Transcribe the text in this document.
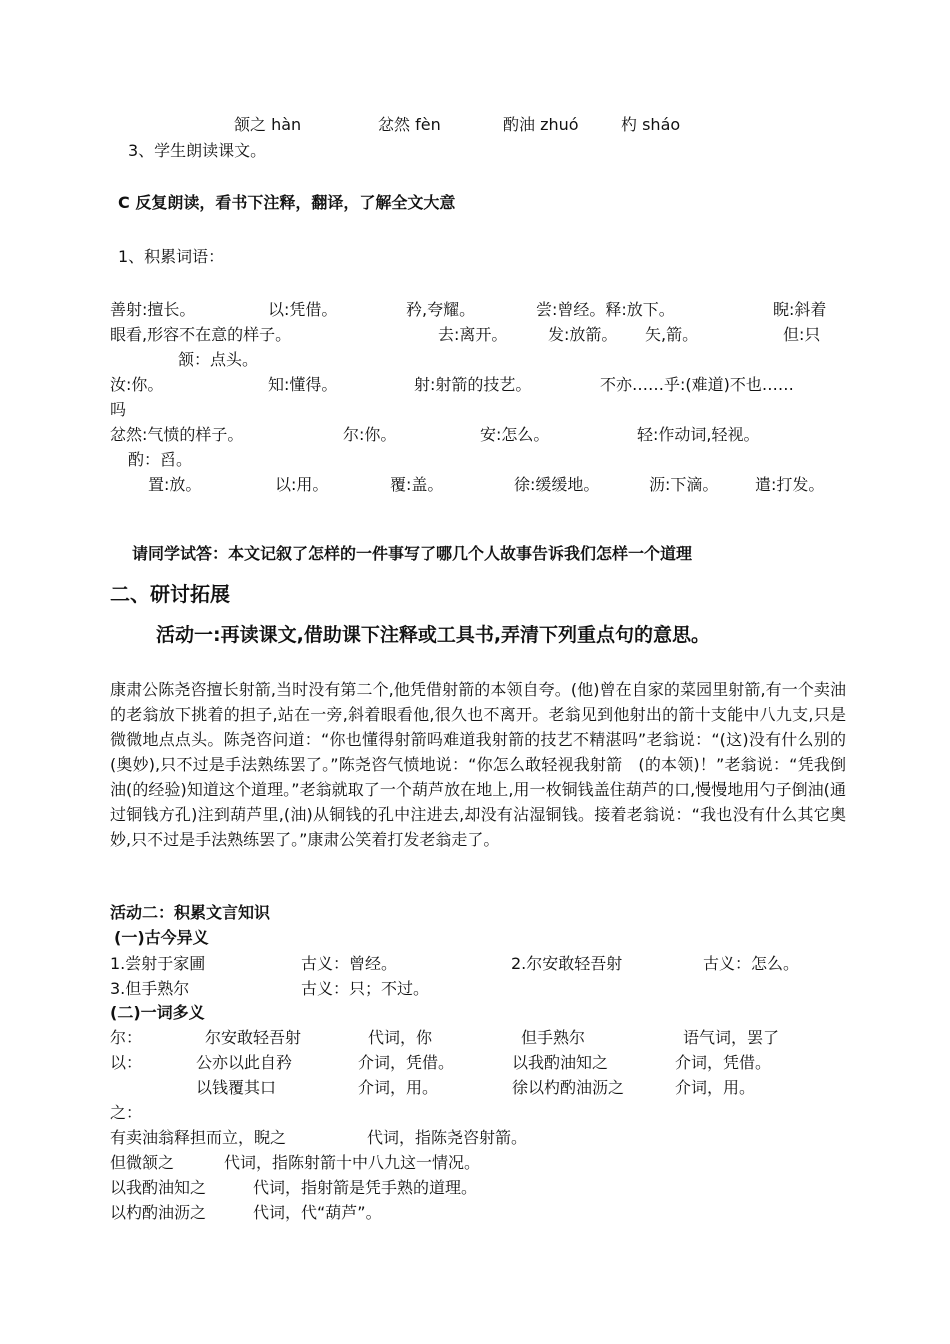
颔之 hàn	忿然 fèn	酌油 zhuó	杓 sháo
3、学生朗读课文。
C 反复朗读，看书下注释，翻译，了解全文大意
1、积累词语：
善射:擅长。	以:凭借。	矜,夸耀。	尝:曾经。释:放下。	睨:斜着
眼看,形容不在意的样子。	去:离开。	发:放箭。 矢,箭。	但:只
颔：点头。
汝:你。	知:懂得。	射:射箭的技艺。	不亦……乎:(难道)不也……
吗
忿然:气愤的样子。	尔:你。	安:怎么。	轻:作动词,轻视。
酌：舀。
置:放。	以:用。	覆:盖。	徐:缓缓地。	沥:下滴。 遣:打发。
请同学试答：本文记叙了怎样的一件事写了哪几个人故事告诉我们怎样一个道理
二、研讨拓展
活动一:再读课文,借助课下注释或工具书,弄清下列重点句的意思。
康肃公陈尧咨擅长射箭,当时没有第二个,他凭借射箭的本领自夸。(他)曾在自家的菜园里射箭,有一个卖油的老翁放下挑着的担子,站在一旁,斜着眼看他,很久也不离开。老翁见到他射出的箭十支能中八九支,只是微微地点点头。陈尧咨问道：“你也懂得射箭吗难道我射箭的技艺不精湛吗”老翁说：“(这)没有什么别的(奥妙),只不过是手法熟练罢了。”陈尧咨气愤地说：“你怎么敢轻视我射箭　(的本领)！”老翁说：“凭我倒油(的经验)知道这个道理。”老翁就取了一个葫芦放在地上,用一枚铜钱盖住葫芦的口,慢慢地用勺子倒油(通过铜钱方孔)注到葫芦里,(油)从铜钱的孔中注进去,却没有沾湿铜钱。接着老翁说：“我也没有什么其它奥妙,只不过是手法熟练罢了。”康肃公笑着打发老翁走了。
活动二：积累文言知识
(一)古今异义
1.尝射于家圃	古义：曾经。	2.尔安敢轻吾射	古义：怎么。
3.但手熟尔	古义：只；不过。
(二)一词多义
尔：	尔安敢轻吾射	代词，你	但手熟尔	语气词，罢了
以：	公亦以此自矜	介词，凭借。	以我酌油知之	介词，凭借。
以钱覆其口	介词，用。	徐以杓酌油沥之	介词，用。
之：
有卖油翁释担而立，睨之	代词，指陈尧咨射箭。
但微颔之	代词，指陈射箭十中八九这一情况。
以我酌油知之	代词，指射箭是凭手熟的道理。
以杓酌油沥之	代词，代“葫芦”。
